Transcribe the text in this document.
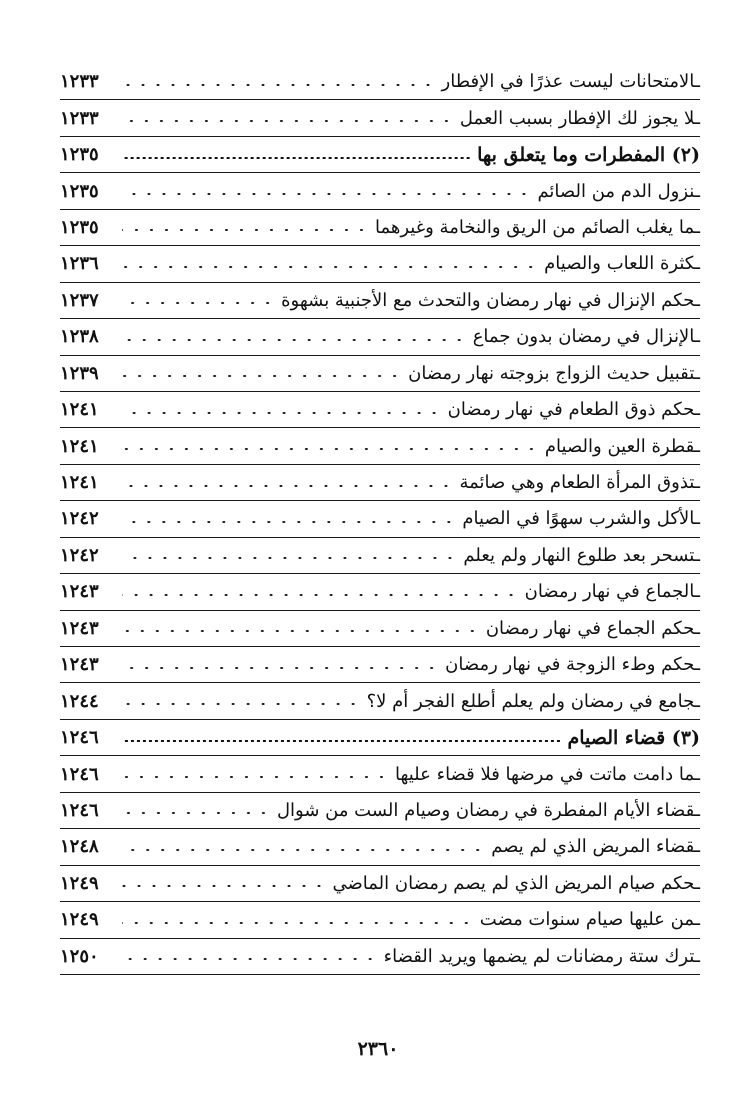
ـالامتحانات ليست عذرًا في الإفطار
١٢٣٣
ـلا يجوز لك الإفطار بسبب العمل
١٢٣٣
(٢) المفطرات وما يتعلق بها
١٢٣٥
ـنزول الدم من الصائم
١٢٣٥
ـما يغلب الصائم من الريق والنخامة وغيرهما
١٢٣٥
ـكثرة اللعاب والصيام
١٢٣٦
ـحكم الإنزال في نهار رمضان والتحدث مع الأجنبية بشهوة
١٢٣٧
ـالإنزال في رمضان بدون جماع
١٢٣٨
ـتقبيل حديث الزواج بزوجته نهار رمضان
١٢٣٩
ـحكم ذوق الطعام في نهار رمضان
١٢٤١
ـقطرة العين والصيام
١٢٤١
ـتذوق المرأة الطعام وهي صائمة
١٢٤١
ـالأكل والشرب سهوًا في الصيام
١٢٤٢
ـتسحر بعد طلوع النهار ولم يعلم
١٢٤٢
ـالجماع في نهار رمضان
١٢٤٣
ـحكم الجماع في نهار رمضان
١٢٤٣
ـحكم وطء الزوجة في نهار رمضان
١٢٤٣
ـجامع في رمضان ولم يعلم أطلع الفجر أم لا؟
١٢٤٤
(٣) قضاء الصيام
١٢٤٦
ـما دامت ماتت في مرضها فلا قضاء عليها
١٢٤٦
ـقضاء الأيام المفطرة في رمضان وصيام الست من شوال
١٢٤٦
ـقضاء المريض الذي لم يصم
١٢٤٨
ـحكم صيام المريض الذي لم يصم رمضان الماضي
١٢٤٩
ـمن عليها صيام سنوات مضت
١٢٤٩
ـترك ستة رمضانات لم يضمها ويريد القضاء
١٢٥٠
٢٣٦٠
